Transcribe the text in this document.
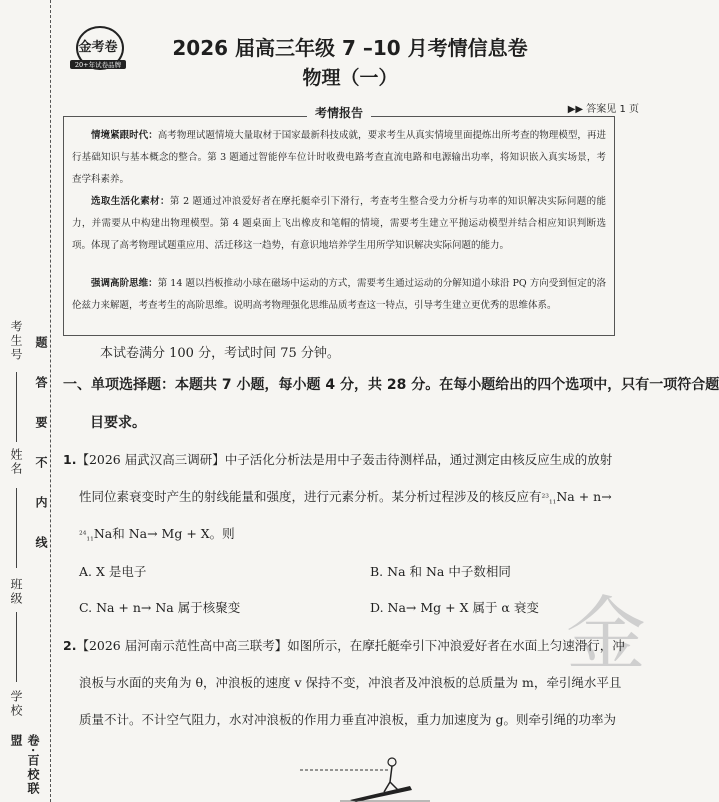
考生号
姓名
班级
学校
卷·百校联盟
题
答
要
不
内
线
金考卷
20+年试卷品牌
2026 届高三年级 7 –10 月考情信息卷
物理（一）
▶▶ 答案见 1 页
情境紧跟时代：高考物理试题情境大量取材于国家最新科技成就，要求考生从真实情境里面提炼出所考查的物理模型，再进行基础知识与基本概念的整合。第 3 题通过智能停车位计时收费电路考查直流电路和电源输出功率，将知识嵌入真实场景，考查学科素养。
选取生活化素材：第 2 题通过冲浪爱好者在摩托艇牵引下滑行，考查考生整合受力分析与功率的知识解决实际问题的能力，并需要从中构建出物理模型。第 4 题桌面上飞出橡皮和笔帽的情境，需要考生建立平抛运动模型并结合相应知识判断选项。体现了高考物理试题重应用、活迁移这一趋势，有意识地培养学生用所学知识解决实际问题的能力。
强调高阶思维：第 14 题以挡板推动小球在磁场中运动的方式，需要考生通过运动的分解知道小球沿 PQ 方向受到恒定的洛伦兹力来解题，考查考生的高阶思维。说明高考物理强化思维品质考查这一特点，引导考生建立更优秀的思维体系。
考情报告
本试卷满分 100 分，考试时间 75 分钟。
一、单项选择题：本题共 7 小题，每小题 4 分，共 28 分。在每小题给出的四个选项中，只有一项符合题
目要求。
1.【2026 届武汉高三调研】中子活化分析法是用中子轰击待测样品，通过测定由核反应生成的放射
性同位素衰变时产生的射线能量和强度，进行元素分析。某分析过程涉及的核反应有$^{23}_{11}$Na + n→
$^{24}_{11}$Na和 Na→ Mg + X。则
A. X 是电子	B. Na 和 Na 中子数相同
C. Na + n→ Na 属于核聚变	D. Na→ Mg + X 属于 α 衰变 金
2.【2026 届河南示范性高中高三联考】如图所示，在摩托艇牵引下冲浪爱好者在水面上匀速滑行，冲
浪板与水面的夹角为 θ，冲浪板的速度 v 保持不变，冲浪者及冲浪板的总质量为 m，牵引绳水平且
质量不计。不计空气阻力，水对冲浪板的作用力垂直冲浪板，重力加速度为 g。则牵引绳的功率为
